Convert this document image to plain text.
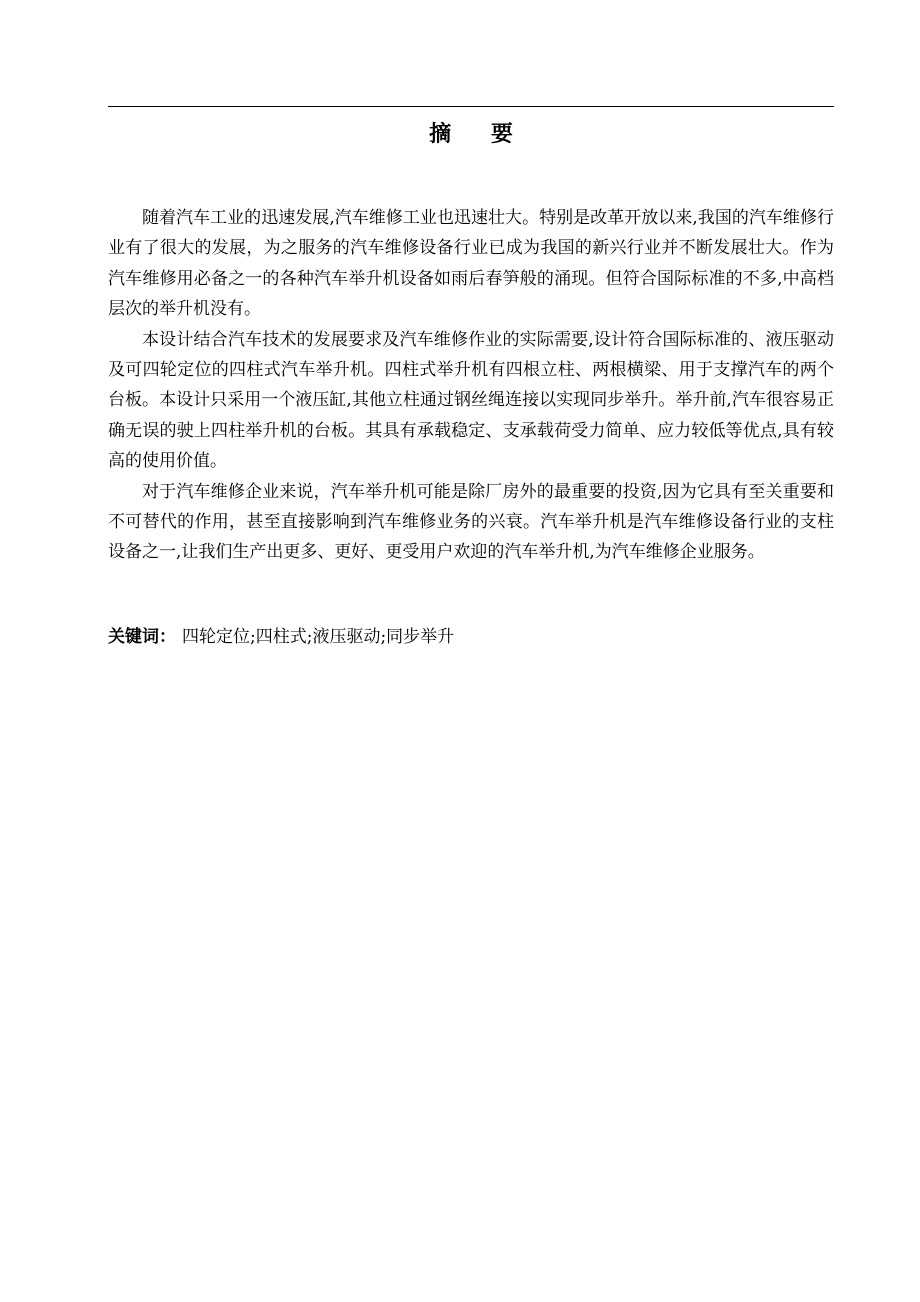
摘 要

随着汽车工业的迅速发展,汽车维修工业也迅速壮大。特别是改革开放以来,我国的汽车维修行业有了很大的发展，为之服务的汽车维修设备行业已成为我国的新兴行业并不断发展壮大。作为汽车维修用必备之一的各种汽车举升机设备如雨后春笋般的涌现。但符合国际标准的不多,中高档层次的举升机没有。

本设计结合汽车技术的发展要求及汽车维修作业的实际需要,设计符合国际标准的、液压驱动及可四轮定位的四柱式汽车举升机。四柱式举升机有四根立柱、两根横梁、用于支撑汽车的两个台板。本设计只采用一个液压缸,其他立柱通过钢丝绳连接以实现同步举升。举升前,汽车很容易正确无误的驶上四柱举升机的台板。其具有承载稳定、支承载荷受力简单、应力较低等优点,具有较高的使用价值。

对于汽车维修企业来说，汽车举升机可能是除厂房外的最重要的投资,因为它具有至关重要和不可替代的作用，甚至直接影响到汽车维修业务的兴衰。汽车举升机是汽车维修设备行业的支柱设备之一,让我们生产出更多、更好、更受用户欢迎的汽车举升机,为汽车维修企业服务。

关键词： 四轮定位;四柱式;液压驱动;同步举升
